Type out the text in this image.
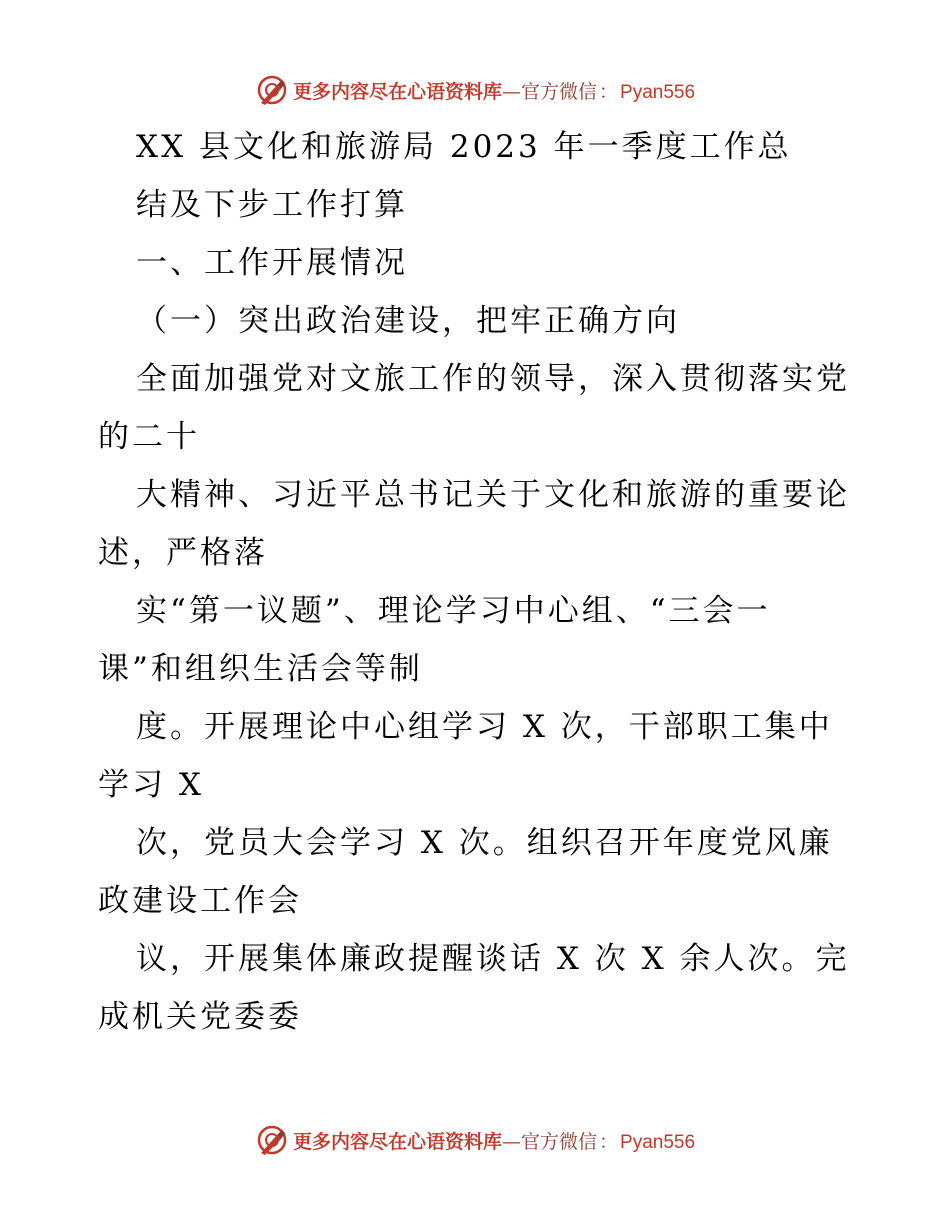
更多内容尽在心语资料库—官方微信 ： Pyan556
XX 县文化和旅游局 2023 年一季度工作总
结及下步工作打算
一、工作开展情况
（一）突出政治建设，把牢正确方向
全面加强党对文旅工作的领导，深入贯彻落实党
的二十
大精神、习近平总书记关于文化和旅游的重要论
述，严格落
实“第一议题”、理论学习中心组、“三会一
课”和组织生活会等制
度。开展理论中心组学习 X 次，干部职工集中
学习 X
次，党员大会学习 X 次。组织召开年度党风廉
政建设工作会
议，开展集体廉政提醒谈话 X 次 X 余人次。完
成机关党委委
更多内容尽在心语资料库—官方微信 ： Pyan556
